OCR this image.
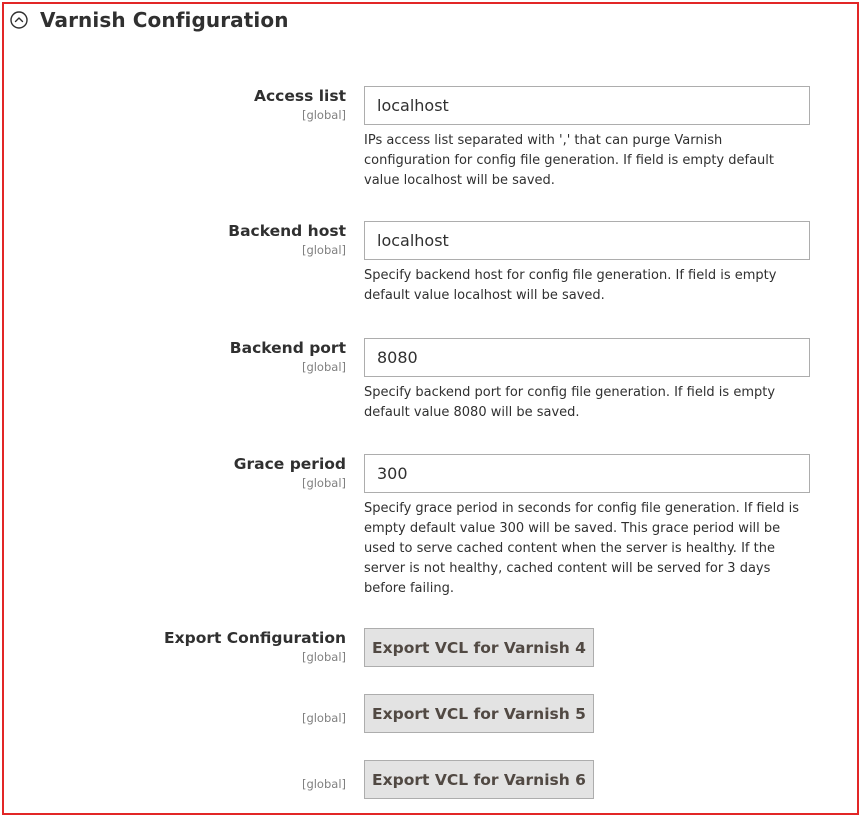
Varnish Configuration
Access list
[global]
localhost
IPs access list separated with ',' that can purge Varnish configuration for config file generation. If field is empty default value localhost will be saved.
Backend host
[global]
localhost
Specify backend host for config file generation. If field is empty default value localhost will be saved.
Backend port
[global]
8080
Specify backend port for config file generation. If field is empty default value 8080 will be saved.
Grace period
[global]
300
Specify grace period in seconds for config file generation. If field is empty default value 300 will be saved. This grace period will be used to serve cached content when the server is healthy. If the server is not healthy, cached content will be served for 3 days before failing.
Export Configuration
[global]
Export VCL for Varnish 4
[global]	Export VCL for Varnish 5
[global]	Export VCL for Varnish 6
